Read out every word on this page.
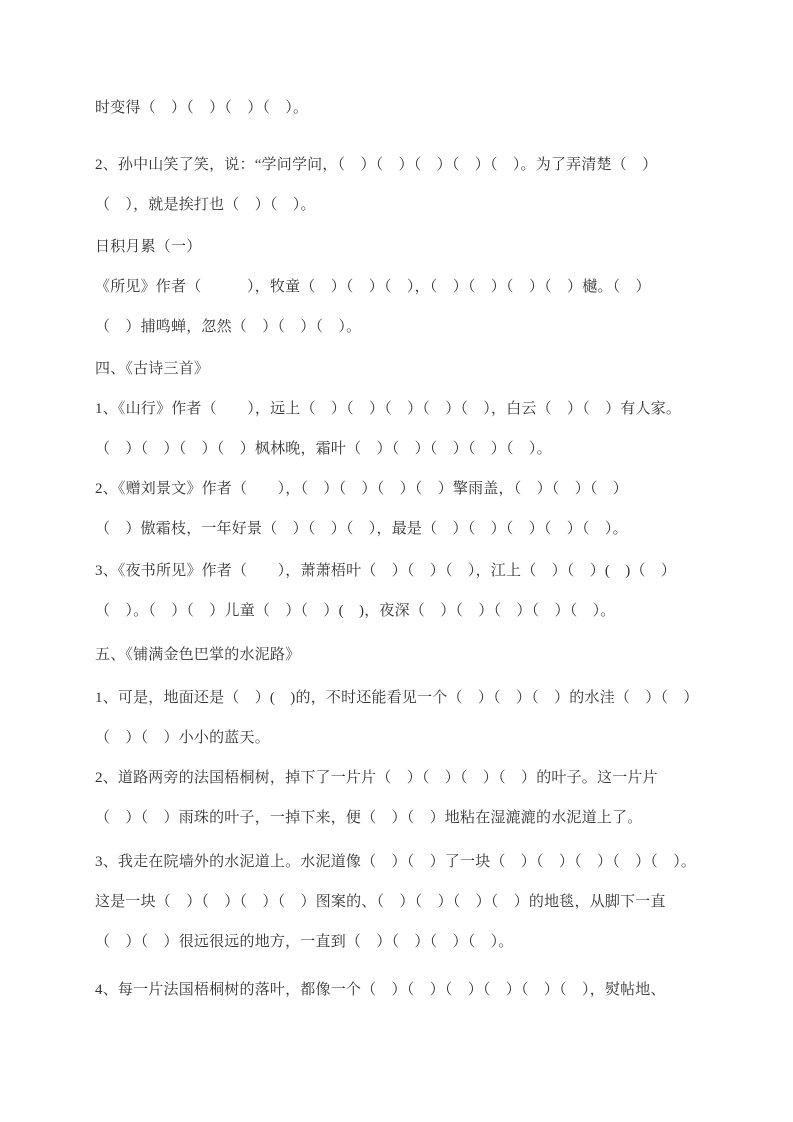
时变得（　）（　）（　）（　）。
2、孙中山笑了笑，说：“学问学问，（　）（　）（　）（　）（　）。为了弄清楚（　）
（　），就是挨打也（　）（　）。
日积月累（一）
《所见》作者（　　　），牧童（　）（　）（　），（　）（　）（　）（　）樾。（　）
（　）捕鸣蝉，忽然（　）（　）（　）。
四、《古诗三首》
1、《山行》作者（　　），远上（　）（　）（　）（　）（　），白云（　）（　）有人家。
（　）（　）（　）（　）枫林晚，霜叶（　）（　）（　）（　）（　）。
2、《赠刘景文》作者（　　），（　）（　）（　）（　）擎雨盖，（　）（　）（　）
（　）傲霜枝，一年好景（　）（　）（　），最是（　）（　）（　）（　）（　）。
3、《夜书所见》作者（　　），萧萧梧叶（　）（　）（　），江上（　）（　）(　)（　）
（　）。（　）（　）儿童（　）（　）(　)，夜深（　）（　）（　）（　）（　）。
五、《铺满金色巴掌的水泥路》
1、可是，地面还是（　）(　)的，不时还能看见一个（　）（　）（　）的水洼（　）（　）
（　）（　）小小的蓝天。
2、道路两旁的法国梧桐树，掉下了一片片（　）（　）（　）（　）的叶子。这一片片
（　）（　）雨珠的叶子，一掉下来，便（　）（　）地粘在湿漉漉的水泥道上了。
3、我走在院墙外的水泥道上。水泥道像（　）（　）了一块（　）（　）（　）（　）（　）。
这是一块（　）（　）（　）（　）图案的、（　）（　）（　）（　）的地毯，从脚下一直
（　）（　）很远很远的地方，一直到（　）（　）（　）（　）。
4、每一片法国梧桐树的落叶，都像一个（　）（　）（　）（　）（　）（　），熨帖地、
